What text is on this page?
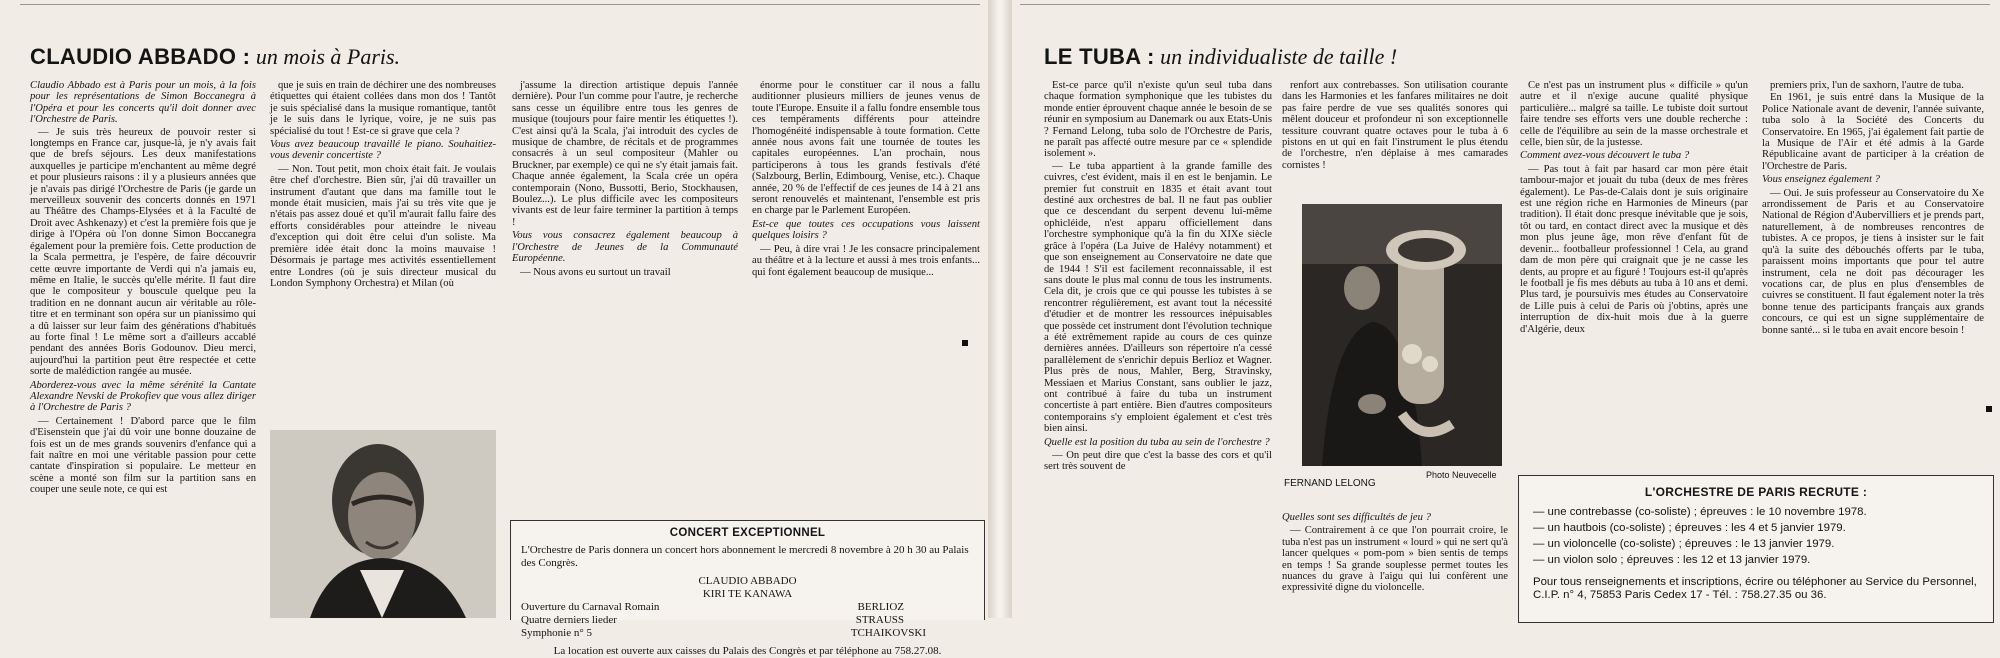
CLAUDIO ABBADO : un mois à Paris.

Claudio Abbado est à Paris pour un mois, à la fois pour les représentations de Simon Boccanegra à l'Opéra et pour les concerts qu'il doit donner avec l'Orchestre de Paris.

— Je suis très heureux de pouvoir rester si longtemps en France car, jusque-là, je n'y avais fait que de brefs séjours. Les deux manifestations auxquelles je participe m'enchantent au même degré et pour plusieurs raisons : il y a plusieurs années que je n'avais pas dirigé l'Orchestre de Paris (je garde un merveilleux souvenir des concerts donnés en 1971 au Théâtre des Champs-Elysées et à la Faculté de Droit avec Ashkenazy) et c'est la première fois que je dirige à l'Opéra où l'on donne Simon Boccanegra également pour la première fois. Cette production de la Scala permettra, je l'espère, de faire découvrir cette œuvre importante de Verdi qui n'a jamais eu, même en Italie, le succès qu'elle mérite. Il faut dire que le compositeur y bouscule quelque peu la tradition en ne donnant aucun air véritable au rôle-titre et en terminant son opéra sur un pianissimo qui a dû laisser sur leur faim des générations d'habitués au forte final ! Le même sort a d'ailleurs accablé pendant des années Boris Godounov. Dieu merci, aujourd'hui la partition peut être respectée et cette sorte de malédiction rangée au musée.

Aborderez-vous avec la même sérénité la Cantate Alexandre Nevski de Prokofiev que vous allez diriger à l'Orchestre de Paris ?

— Certainement ! D'abord parce que le film d'Eisenstein que j'ai dû voir une bonne douzaine de fois est un de mes grands souvenirs d'enfance qui a fait naître en moi une véritable passion pour cette cantate d'inspiration si populaire. Le metteur en scène a monté son film sur la partition sans en couper une seule note, ce qui est

que je suis en train de déchirer une des nombreuses étiquettes qui étaient collées dans mon dos ! Tantôt je suis spécialisé dans la musique romantique, tantôt je le suis dans le lyrique, voire, je ne suis pas spécialisé du tout ! Est-ce si grave que cela ?

Vous avez beaucoup travaillé le piano. Souhaitiez-vous devenir concertiste ?

— Non. Tout petit, mon choix était fait. Je voulais être chef d'orchestre. Bien sûr, j'ai dû travailler un instrument d'autant que dans ma famille tout le monde était musicien, mais j'ai su très vite que je n'étais pas assez doué et qu'il m'aurait fallu faire des efforts considérables pour atteindre le niveau d'exception qui doit être celui d'un soliste. Ma première idée était donc la moins mauvaise ! Désormais je partage mes activités essentiellement entre Londres (où je suis directeur musical du London Symphony Orchestra) et Milan (où

j'assume la direction artistique depuis l'année dernière). Pour l'un comme pour l'autre, je recherche sans cesse un équilibre entre tous les genres de musique (toujours pour faire mentir les étiquettes !). C'est ainsi qu'à la Scala, j'ai introduit des cycles de musique de chambre, de récitals et de programmes consacrés à un seul compositeur (Mahler ou Bruckner, par exemple) ce qui ne s'y était jamais fait. Chaque année également, la Scala crée un opéra contemporain (Nono, Bussotti, Berio, Stockhausen, Boulez...). Le plus difficile avec les compositeurs vivants est de leur faire terminer la partition à temps !

Vous vous consacrez également beaucoup à l'Orchestre de Jeunes de la Communauté Européenne.

— Nous avons eu surtout un travail

énorme pour le constituer car il nous a fallu auditionner plusieurs milliers de jeunes venus de toute l'Europe. Ensuite il a fallu fondre ensemble tous ces tempéraments différents pour atteindre l'homogénéité indispensable à toute formation. Cette année nous avons fait une tournée de toutes les capitales européennes. L'an prochain, nous participerons à tous les grands festivals d'été (Salzbourg, Berlin, Edimbourg, Venise, etc.). Chaque année, 20 % de l'effectif de ces jeunes de 14 à 21 ans seront renouvelés et maintenant, l'ensemble est pris en charge par le Parlement Européen.

Est-ce que toutes ces occupations vous laissent quelques loisirs ?

— Peu, à dire vrai ! Je les consacre principalement au théâtre et à la lecture et aussi à mes trois enfants... qui font également beaucoup de musique...

CONCERT EXCEPTIONNEL
L'Orchestre de Paris donnera un concert hors abonnement le mercredi 8 novembre à 20 h 30 au Palais des Congrès.
CLAUDIO ABBADO
KIRI TE KANAWA
Ouverture du Carnaval Romain	BERLIOZ
Quatre derniers lieder	STRAUSS
Symphonie n° 5	TCHAIKOVSKI
La location est ouverte aux caisses du Palais des Congrès et par téléphone au 758.27.08.
LE TUBA : un individualiste de taille !

Est-ce parce qu'il n'existe qu'un seul tuba dans chaque formation symphonique que les tubistes du monde entier éprouvent chaque année le besoin de se réunir en symposium au Danemark ou aux Etats-Unis ? Fernand Lelong, tuba solo de l'Orchestre de Paris, ne paraît pas affecté outre mesure par ce « splendide isolement ».

— Le tuba appartient à la grande famille des cuivres, c'est évident, mais il en est le benjamin. Le premier fut construit en 1835 et était avant tout destiné aux orchestres de bal. Il ne faut pas oublier que ce descendant du serpent devenu lui-même ophicléide, n'est apparu officiellement dans l'orchestre symphonique qu'à la fin du XIXe siècle grâce à l'opéra (La Juive de Halévy notamment) et que son enseignement au Conservatoire ne date que de 1944 ! S'il est facilement reconnaissable, il est sans doute le plus mal connu de tous les instruments. Cela dit, je crois que ce qui pousse les tubistes à se rencontrer régulièrement, est avant tout la nécessité d'étudier et de montrer les ressources inépuisables que possède cet instrument dont l'évolution technique a été extrêmement rapide au cours de ces quinze dernières années. D'ailleurs son répertoire n'a cessé parallèlement de s'enrichir depuis Berlioz et Wagner. Plus près de nous, Mahler, Berg, Stravinsky, Messiaen et Marius Constant, sans oublier le jazz, ont contribué à faire du tuba un instrument concertiste à part entière. Bien d'autres compositeurs contemporains s'y emploient également et c'est très bien ainsi.

Quelle est la position du tuba au sein de l'orchestre ?

— On peut dire que c'est la basse des cors et qu'il sert très souvent de

renfort aux contrebasses. Son utilisation courante dans les Harmonies et les fanfares militaires ne doit pas faire perdre de vue ses qualités sonores qui mêlent douceur et profondeur ni son exceptionnelle tessiture couvrant quatre octaves pour le tuba à 6 pistons en ut qui en fait l'instrument le plus étendu de l'orchestre, n'en déplaise à mes camarades cornistes !

FERNAND LELONG
Photo Neuvecelle

Quelles sont ses difficultés de jeu ?

— Contrairement à ce que l'on pourrait croire, le tuba n'est pas un instrument « lourd » qui ne sert qu'à lancer quelques « pom-pom » bien sentis de temps en temps ! Sa grande souplesse permet toutes les nuances du grave à l'aigu qui lui confèrent une expressivité digne du violoncelle.

Ce n'est pas un instrument plus « difficile » qu'un autre et il n'exige aucune qualité physique particulière... malgré sa taille. Le tubiste doit surtout faire tendre ses efforts vers une double recherche : celle de l'équilibre au sein de la masse orchestrale et celle, bien sûr, de la justesse.

Comment avez-vous découvert le tuba ?

— Pas tout à fait par hasard car mon père était tambour-major et jouait du tuba (deux de mes frères également). Le Pas-de-Calais dont je suis originaire est une région riche en Harmonies de Mineurs (par tradition). Il était donc presque inévitable que je sois, tôt ou tard, en contact direct avec la musique et dès mon plus jeune âge, mon rêve d'enfant fût de devenir... footballeur professionnel ! Cela, au grand dam de mon père qui craignait que je ne casse les dents, au propre et au figuré ! Toujours est-il qu'après le football je fis mes débuts au tuba à 10 ans et demi. Plus tard, je poursuivis mes études au Conservatoire de Lille puis à celui de Paris où j'obtins, après une interruption de dix-huit mois due à la guerre d'Algérie, deux

premiers prix, l'un de saxhorn, l'autre de tuba.

En 1961, je suis entré dans la Musique de la Police Nationale avant de devenir, l'année suivante, tuba solo à la Société des Concerts du Conservatoire. En 1965, j'ai également fait partie de la Musique de l'Air et été admis à la Garde Républicaine avant de participer à la création de l'Orchestre de Paris.

Vous enseignez également ?

— Oui. Je suis professeur au Conservatoire du Xe arrondissement de Paris et au Conservatoire National de Région d'Aubervilliers et je prends part, naturellement, à de nombreuses rencontres de tubistes. A ce propos, je tiens à insister sur le fait qu'à la suite des débouchés offerts par le tuba, paraissent moins importants que pour tel autre instrument, cela ne doit pas décourager les vocations car, de plus en plus d'ensembles de cuivres se constituent. Il faut également noter la très bonne tenue des participants français aux grands concours, ce qui est un signe supplémentaire de bonne santé... si le tuba en avait encore besoin !

L'ORCHESTRE DE PARIS RECRUTE :
— une contrebasse (co-soliste) ; épreuves : le 10 novembre 1978.
— un hautbois (co-soliste) ; épreuves : les 4 et 5 janvier 1979.
— un violoncelle (co-soliste) ; épreuves : le 13 janvier 1979.
— un violon solo ; épreuves : les 12 et 13 janvier 1979.
Pour tous renseignements et inscriptions, écrire ou téléphoner au Service du Personnel, C.I.P. n° 4, 75853 Paris Cedex 17 - Tél. : 758.27.35 ou 36.
